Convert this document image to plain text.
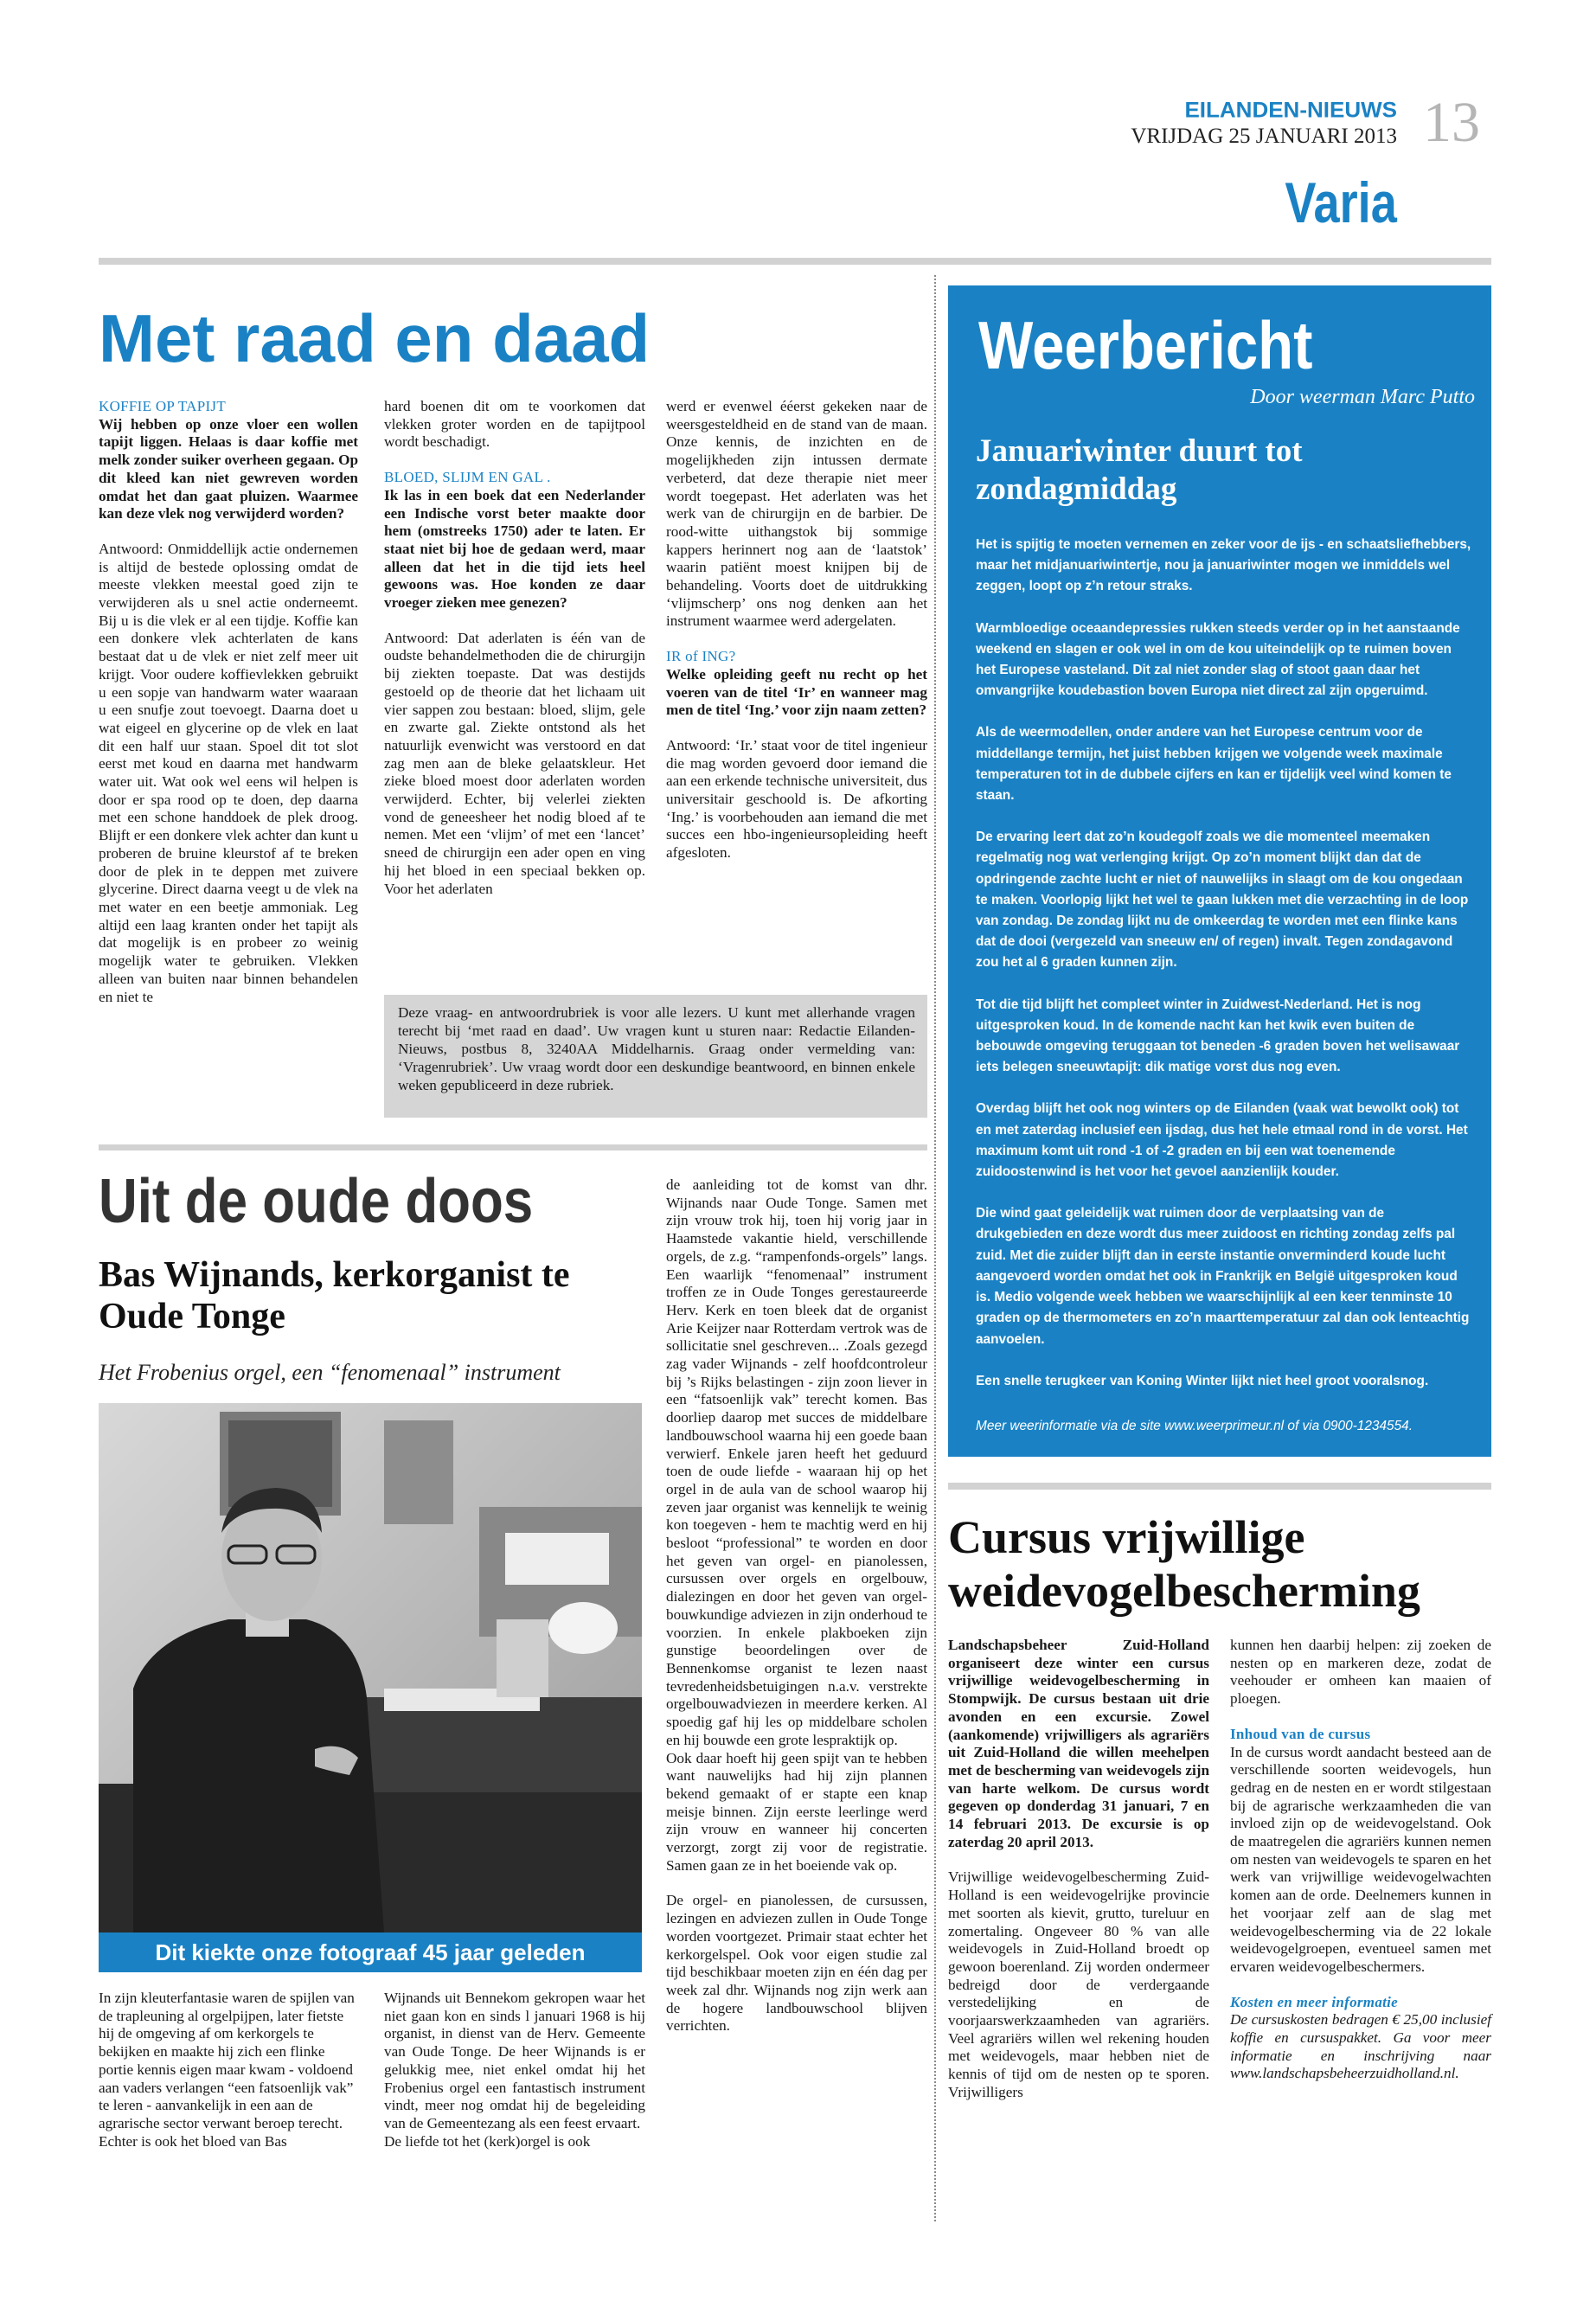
EILANDEN-NIEUWS
VRIJDAG 25 JANUARI 2013 13
Varia
Met raad en daad

KOFFIE OP TAPIJT

Wij hebben op onze vloer een wollen tapijt liggen. Helaas is daar koffie met melk zonder suiker overheen gegaan. Op dit kleed kan niet gewreven worden omdat het dan gaat pluizen. Waarmee kan deze vlek nog verwijderd worden?

Antwoord: Onmiddellijk actie ondernemen is altijd de bestede oplossing omdat de meeste vlekken meestal goed zijn te verwijderen als u snel actie onderneemt. Bij u is die vlek er al een tijdje. Koffie kan een donkere vlek achterlaten de kans bestaat dat u de vlek er niet zelf meer uit krijgt. Voor oudere koffievlekken gebruikt u een sopje van handwarm water waaraan u een snufje zout toevoegt. Daarna doet u wat eigeel en glycerine op de vlek en laat dit een half uur staan. Spoel dit tot slot eerst met koud en daarna met handwarm water uit. Wat ook wel eens wil helpen is door er spa rood op te doen, dep daarna met een schone handdoek de plek droog. Blijft er een donkere vlek achter dan kunt u proberen de bruine kleurstof af te breken door de plek in te deppen met zuivere glycerine. Direct daarna veegt u de vlek na met water en een beetje ammoniak. Leg altijd een laag kranten onder het tapijt als dat mogelijk is en probeer zo weinig mogelijk water te gebruiken. Vlekken alleen van buiten naar binnen behandelen en niet te

hard boenen dit om te voorkomen dat vlekken groter worden en de tapijtpool wordt beschadigt.

BLOED, SLIJM EN GAL .

Ik las in een boek dat een Nederlander een Indische vorst beter maakte door hem (omstreeks 1750) ader te laten. Er staat niet bij hoe de gedaan werd, maar alleen dat het in die tijd iets heel gewoons was. Hoe konden ze daar vroeger zieken mee genezen?

Antwoord: Dat aderlaten is één van de oudste behandelmethoden die de chirurgijn bij ziekten toepaste. Dat was destijds gestoeld op de theorie dat het lichaam uit vier sappen zou bestaan: bloed, slijm, gele en zwarte gal. Ziekte ontstond als het natuurlijk evenwicht was verstoord en dat zag men aan de bleke gelaatskleur. Het zieke bloed moest door aderlaten worden verwijderd. Echter, bij velerlei ziekten vond de geneesheer het nodig bloed af te nemen. Met een ‘vlijm’ of met een ‘lancet’ sneed de chirurgijn een ader open en ving hij het bloed in een speciaal bekken op. Voor het aderlaten

werd er evenwel ééerst gekeken naar de weersgesteldheid en de stand van de maan. Onze kennis, de inzichten en de mogelijkheden zijn intussen dermate verbeterd, dat deze therapie niet meer wordt toegepast. Het aderlaten was het werk van de chirurgijn en de barbier. De rood-witte uithangstok bij sommige kappers herinnert nog aan de ‘laatstok’ waarin patiënt moest knijpen bij de behandeling. Voorts doet de uitdrukking ‘vlijmscherp’ ons nog denken aan het instrument waarmee werd adergelaten.

IR of ING?

Welke opleiding geeft nu recht op het voeren van de titel ‘Ir’ en wanneer mag men de titel ‘Ing.’ voor zijn naam zetten?

Antwoord: ‘Ir.’ staat voor de titel ingenieur die mag worden gevoerd door iemand die aan een erkende technische universiteit, dus universitair geschoold is. De afkorting ‘Ing.’ is voorbehouden aan iemand die met succes een hbo-ingenieursopleiding heeft afgesloten.

Deze vraag- en antwoordrubriek is voor alle lezers. U kunt met allerhande vragen terecht bij ‘met raad en daad’. Uw vragen kunt u sturen naar: Redactie Eilanden-Nieuws, postbus 8, 3240AA Middelharnis. Graag onder vermelding van: ‘Vragenrubriek’. Uw vraag wordt door een deskundige beantwoord, en binnen enkele weken gepubliceerd in deze rubriek.
Uit de oude doos
Bas Wijnands, kerkorganist te Oude Tonge
Het Frobenius orgel, een “fenomenaal” instrument
Dit kiekte onze fotograaf 45 jaar geleden

In zijn kleuterfantasie waren de spijlen van de trapleuning al orgelpijpen, later fietste hij de omgeving af om kerkorgels te bekijken en maakte hij zich een flinke portie kennis eigen maar kwam - voldoend aan vaders verlangen “een fatsoenlijk vak” te leren - aanvankelijk in een aan de agrarische sector verwant beroep terecht.

Echter is ook het bloed van Bas

Wijnands uit Bennekom gekropen waar het niet gaan kon en sinds l januari 1968 is hij organist, in dienst van de Herv. Gemeente van Oude Tonge. De heer Wijnands is er gelukkig mee, niet enkel omdat hij het Frobenius orgel een fantastisch instrument vindt, meer nog omdat hij de begeleiding van de Gemeentezang als een feest ervaart.

De liefde tot het (kerk)orgel is ook

de aanleiding tot de komst van dhr. Wijnands naar Oude Tonge. Samen met zijn vrouw trok hij, toen hij vorig jaar in Haamstede vakantie hield, verschillende orgels, de z.g. “rampenfonds-orgels” langs. Een waarlijk “fenomenaal” instrument troffen ze in Oude Tonges gerestaureerde Herv. Kerk en toen bleek dat de organist Arie Keijzer naar Rotterdam vertrok was de sollicitatie snel geschreven... .Zoals gezegd zag vader Wijnands - zelf hoofdcontroleur bij ’s Rijks belastingen - zijn zoon liever in een “fatsoenlijk vak” terecht komen. Bas doorliep daarop met succes de middelbare landbouwschool waarna hij een goede baan verwierf. Enkele jaren heeft het geduurd toen de oude liefde - waaraan hij op het orgel in de aula van de school waarop hij zeven jaar organist was kennelijk te weinig kon toegeven - hem te machtig werd en hij besloot “professional” te worden en door het geven van orgel- en pianolessen, cursussen over orgels en orgelbouw, dialezingen en door het geven van orgel-bouwkundige adviezen in zijn onderhoud te voorzien. In enkele plakboeken zijn gunstige beoordelingen over de Bennenkomse organist te lezen naast tevredenheidsbetuigingen n.a.v. verstrekte orgelbouwadviezen in meerdere kerken. Al spoedig gaf hij les op middelbare scholen en hij bouwde een grote lespraktijk op.

Ook daar hoeft hij geen spijt van te hebben want nauwelijks had hij zijn plannen bekend gemaakt of er stapte een knap meisje binnen. Zijn eerste leerlinge werd zijn vrouw en wanneer hij concerten verzorgt, zorgt zij voor de registratie. Samen gaan ze in het boeiende vak op.

De orgel- en pianolessen, de cursussen, lezingen en adviezen zullen in Oude Tonge worden voortgezet. Primair staat echter het kerkorgelspel. Ook voor eigen studie zal tijd beschikbaar moeten zijn en één dag per week zal dhr. Wijnands nog zijn werk aan de hogere landbouwschool blijven verrichten.

Weerbericht
Door weerman Marc Putto
Januariwinter duurt tot zondagmiddag

Het is spijtig te moeten vernemen en zeker voor de ijs - en schaatsliefhebbers, maar het midjanuariwintertje, nou ja januariwinter mogen we inmiddels wel zeggen, loopt op z’n retour straks.

Warmbloedige oceaandepressies rukken steeds verder op in het aanstaande weekend en slagen er ook wel in om de kou uiteindelijk op te ruimen boven het Europese vasteland. Dit zal niet zonder slag of stoot gaan daar het omvangrijke koudebastion boven Europa niet direct zal zijn opgeruimd.

Als de weermodellen, onder andere van het Europese centrum voor de middellange termijn, het juist hebben krijgen we volgende week maximale temperaturen tot in de dubbele cijfers en kan er tijdelijk veel wind komen te staan.

De ervaring leert dat zo’n koudegolf zoals we die momenteel meemaken regelmatig nog wat verlenging krijgt. Op zo’n moment blijkt dan dat de opdringende zachte lucht er niet of nauwelijks in slaagt om de kou ongedaan te maken. Voorlopig lijkt het wel te gaan lukken met die verzachting in de loop van zondag. De zondag lijkt nu de omkeerdag te worden met een flinke kans dat de dooi (vergezeld van sneeuw en/ of regen) invalt. Tegen zondagavond zou het al 6 graden kunnen zijn.

Tot die tijd blijft het compleet winter in Zuidwest-Nederland. Het is nog uitgesproken koud. In de komende nacht kan het kwik even buiten de bebouwde omgeving teruggaan tot beneden -6 graden boven het welisawaar iets belegen sneeuwtapijt: dik matige vorst dus nog even.

Overdag blijft het ook nog winters op de Eilanden (vaak wat bewolkt ook) tot en met zaterdag inclusief een ijsdag, dus het hele etmaal rond in de vorst. Het maximum komt uit rond -1 of -2 graden en bij een wat toenemende zuidoostenwind is het voor het gevoel aanzienlijk kouder.

Die wind gaat geleidelijk wat ruimen door de verplaatsing van de drukgebieden en deze wordt dus meer zuidoost en richting zondag zelfs pal zuid. Met die zuider blijft dan in eerste instantie onverminderd koude lucht aangevoerd worden omdat het ook in Frankrijk en België uitgesproken koud is. Medio volgende week hebben we waarschijnlijk al een keer tenminste 10 graden op de thermometers en zo’n maarttemperatuur zal dan ook lenteachtig aanvoelen.

Een snelle terugkeer van Koning Winter lijkt niet heel groot vooralsnog.

Meer weerinformatie via de site www.weerprimeur.nl of via 0900-1234554.
Cursus vrijwillige weidevogelbescherming

Landschapsbeheer Zuid-Holland organiseert deze winter een cursus vrijwillige weidevogelbescherming in Stompwijk. De cursus bestaan uit drie avonden en een excursie. Zowel (aankomende) vrijwilligers als agrariërs uit Zuid-Holland die willen meehelpen met de bescherming van weidevogels zijn van harte welkom. De cursus wordt gegeven op donderdag 31 januari, 7 en 14 februari 2013. De excursie is op zaterdag 20 april 2013.

Vrijwillige weidevogelbescherming Zuid-Holland is een weidevogelrijke provincie met soorten als kievit, grutto, tureluur en zomertaling. Ongeveer 80 % van alle weidevogels in Zuid-Holland broedt op gewoon boerenland. Zij worden ondermeer bedreigd door de verdergaande verstedelijking en de voorjaarswerkzaamheden van agrariërs. Veel agrariërs willen wel rekening houden met weidevogels, maar hebben niet de kennis of tijd om de nesten op te sporen. Vrijwilligers

kunnen hen daarbij helpen: zij zoeken de nesten op en markeren deze, zodat de veehouder er omheen kan maaien of ploegen.

Inhoud van de cursus

In de cursus wordt aandacht besteed aan de verschillende soorten weidevogels, hun gedrag en de nesten en er wordt stilgestaan bij de agrarische werkzaamheden die van invloed zijn op de weidevogelstand. Ook de maatregelen die agrariërs kunnen nemen om nesten van weidevogels te sparen en het werk van vrijwillige weidevogelwachten komen aan de orde. Deelnemers kunnen in het voorjaar zelf aan de slag met weidevogelbescherming via de 22 lokale weidevogelgroepen, eventueel samen met ervaren weidevogelbeschermers.

Kosten en meer informatie

De cursuskosten bedragen € 25,00 inclusief koffie en cursuspakket. Ga voor meer informatie en inschrijving naar www.landschapsbeheerzuidholland.nl.
